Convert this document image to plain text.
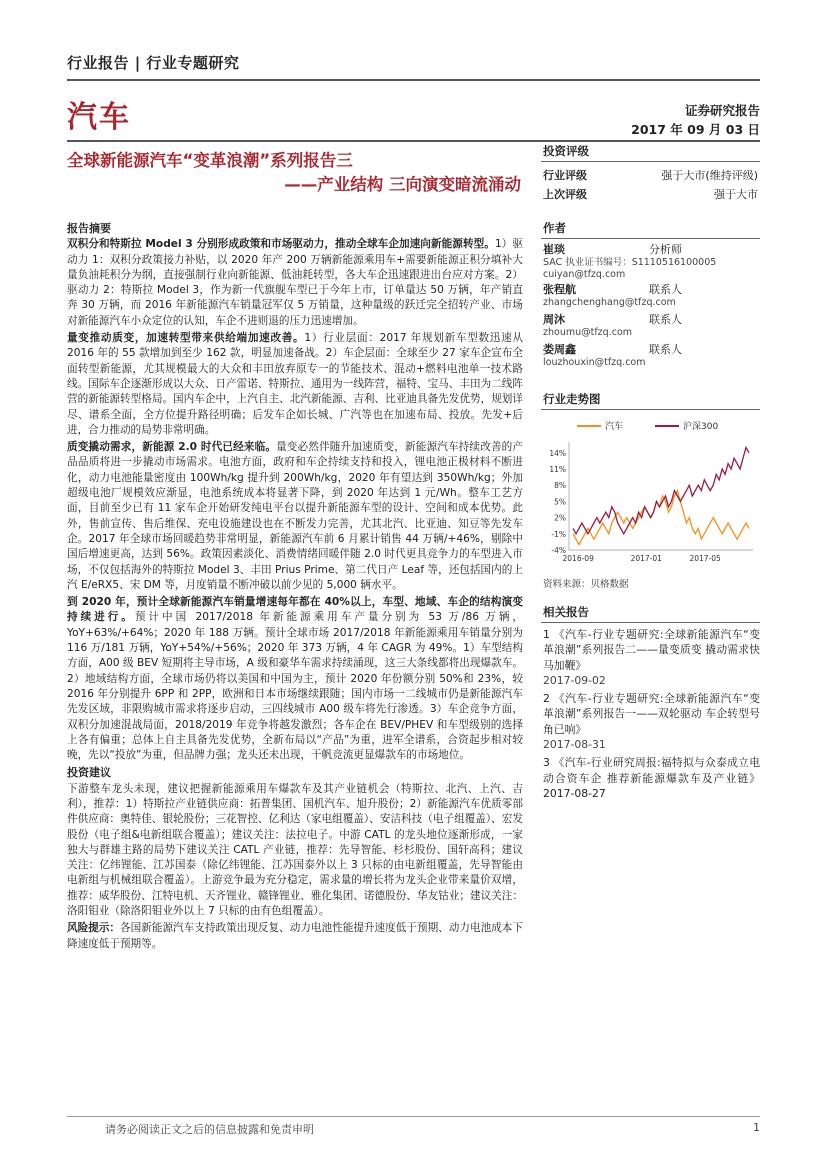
行业报告 | 行业专题研究
汽车	证券研究报告
2017 年 09 月 03 日
全球新能源汽车“变革浪潮”系列报告三
——产业结构 三向演变暗流涌动
报告摘要
双积分和特斯拉 Model 3 分别形成政策和市场驱动力，推动全球车企加速向新能源转型。1）驱动力 1：双积分政策接力补贴，以 2020 年产 200 万辆新能源乘用车+需要新能源正积分填补大量负油耗积分为纲，直接强制行业向新能源、低油耗转型，各大车企迅速跟进出台应对方案。2）驱动力 2：特斯拉 Model 3，作为新一代旗舰车型已于今年上市，订单量达 50 万辆，年产销直奔 30 万辆，而 2016 年新能源汽车销量冠军仅 5 万销量，这种量级的跃迁完全招转产业、市场对新能源汽车小众定位的认知，车企不进则退的压力迅速增加。
量变推动质变，加速转型带来供给端加速改善。1）行业层面：2017 年规划新车型数迅速从 2016 年的 55 款增加到至少 162 款，明显加速备战。2）车企层面：全球至少 27 家车企宣布全面转型新能源，尤其规模最大的大众和丰田放弃原专一的节能技术、混动+燃料电池单一技术路线。国际车企逐渐形成以大众、日产雷诺、特斯拉、通用为一线阵营，福特、宝马、丰田为二线阵营的新能源转型格局。国内车企中，上汽自主、北汽新能源、吉利、比亚迪具备先发优势，规划详尽、谱系全面，全方位提升路径明确；后发车企如长城、广汽等也在加速布局、投放。先发+后进，合力推动的局势非常明确。
质变撬动需求，新能源 2.0 时代已经来临。量变必然伴随升加速质变，新能源汽车持续改善的产品品质将进一步撬动市场需求。电池方面，政府和车企持续支持和投入，锂电池正极材料不断进化，动力电池能量密度由 100Wh/kg 提升到 200Wh/kg，2020 年有望达到 350Wh/kg；外加超级电池厂规模效应渐显，电池系统成本将显著下降，到 2020 年达到 1 元/Wh。整车工艺方面，目前至少已有 11 家车企开始研发纯电平台以提升新能源车型的设计、空间和成本优势。此外，售前宣传、售后维保、充电设施建设也在不断发力完善，尤其北汽、比亚迪、知豆等先发车企。2017 年全球市场回暖趋势非常明显，新能源汽车前 6 月累计销售 44 万辆/+46%，剔除中国后增速更高，达到 56%。政策因素淡化、消费情绪回暖伴随 2.0 时代更具竞争力的车型进入市场，不仅包括海外的特斯拉 Model 3、丰田 Prius Prime、第二代日产 Leaf 等，还包括国内的上汽 E/eRX5、宋 DM 等，月度销量不断冲破以前少见的 5,000 辆水平。
到 2020 年，预计全球新能源汽车销量增速每年都在 40%以上，车型、地域、车企的结构演变持续进行。预计中国 2017/2018 年新能源乘用车产量分别为 53 万/86 万辆，YoY+63%/+64%；2020 年 188 万辆。预计全球市场 2017/2018 年新能源乘用车销量分别为 116 万/181 万辆，YoY+54%/+56%；2020 年 373 万辆，4 年 CAGR 为 49%。1）车型结构方面，A00 级 BEV 短期将主导市场，A 级和豪华车需求持续涌现，这三大条线都将出现爆款车。2）地域结构方面，全球市场仍将以美国和中国为主，预计 2020 年份额分别 50%和 23%，较 2016 年分别提升 6PP 和 2PP，欧洲和日本市场继续跟随；国内市场一二线城市仍是新能源汽车先发区域，非限购城市需求将逐步启动，三四线城市 A00 级车将先行渗透。3）车企竞争方面，双积分加速混战局面，2018/2019 年竞争将越发激烈；各车企在 BEV/PHEV 和车型级别的选择上各有偏重；总体上自主具备先发优势，全新布局以“产品”为重，进军全谱系，合资起步相对较晚，先以“投放”为重，但品牌力强；龙头还未出现，干帆竞流更显爆款车的市场地位。
投资建议
下游整车龙头未现，建议把握新能源乘用车爆款车及其产业链机会（特斯拉、北汽、上汽、吉利），推荐：1）特斯拉产业链供应商：拓普集团、国机汽车、旭升股份；2）新能源汽车优质零部件供应商：奥特佳、银轮股份；三花智控、亿利达（家电组覆盖）、安洁科技（电子组覆盖）、宏发股份（电子组&电新组联合覆盖）；建议关注：法拉电子。中游 CATL 的龙头地位逐渐形成，一家独大与群雄主路的局势下建议关注 CATL 产业链，推荐：先导智能、杉杉股份、国轩高科；建议关注：亿纬锂能、江苏国泰（除亿纬锂能、江苏国泰外以上 3 只标的由电新组覆盖，先导智能由电新组与机械组联合覆盖）。上游竞争最为充分稳定，需求量的增长将为龙头企业带来量价双增，推荐：威华股份、江特电机、天齐锂业、赣锋锂业、雅化集团、诺德股份、华友钴业；建议关注：洛阳钼业（除洛阳钼业外以上 7 只标的由有色组覆盖）。
风险提示：各国新能源汽车支持政策出现反复、动力电池性能提升速度低于预期、动力电池成本下降速度低于预期等。
投资评级
行业评级	强于大市(维持评级)
上次评级	强于大市
作者
崔琰	分析师
SAC 执业证书编号：S1110516100005
cuiyan@tfzq.com
张程航	联系人
zhangchenghang@tfzq.com
周沐	联系人
zhoumu@tfzq.com
娄周鑫	联系人
louzhouxin@tfzq.com
行业走势图
汽车	沪深300
14%
11%
8%
5%
2%
-1%
-4%
2016-09	2017-01	2017-05
资料来源：贝格数据
相关报告
1 《汽车-行业专题研究:全球新能源汽车“变革浪潮”系列报告二——量变质变 撬动需求快马加鞭》
2017-09-02
2 《汽车-行业专题研究:全球新能源汽车“变革浪潮”系列报告一——双轮驱动 车企转型号角已响》
2017-08-31
3 《汽车-行业研究周报:福特拟与众泰成立电动合资车企 推荐新能源爆款车及产业链》 2017-08-27
请务必阅读正文之后的信息披露和免责申明	1
